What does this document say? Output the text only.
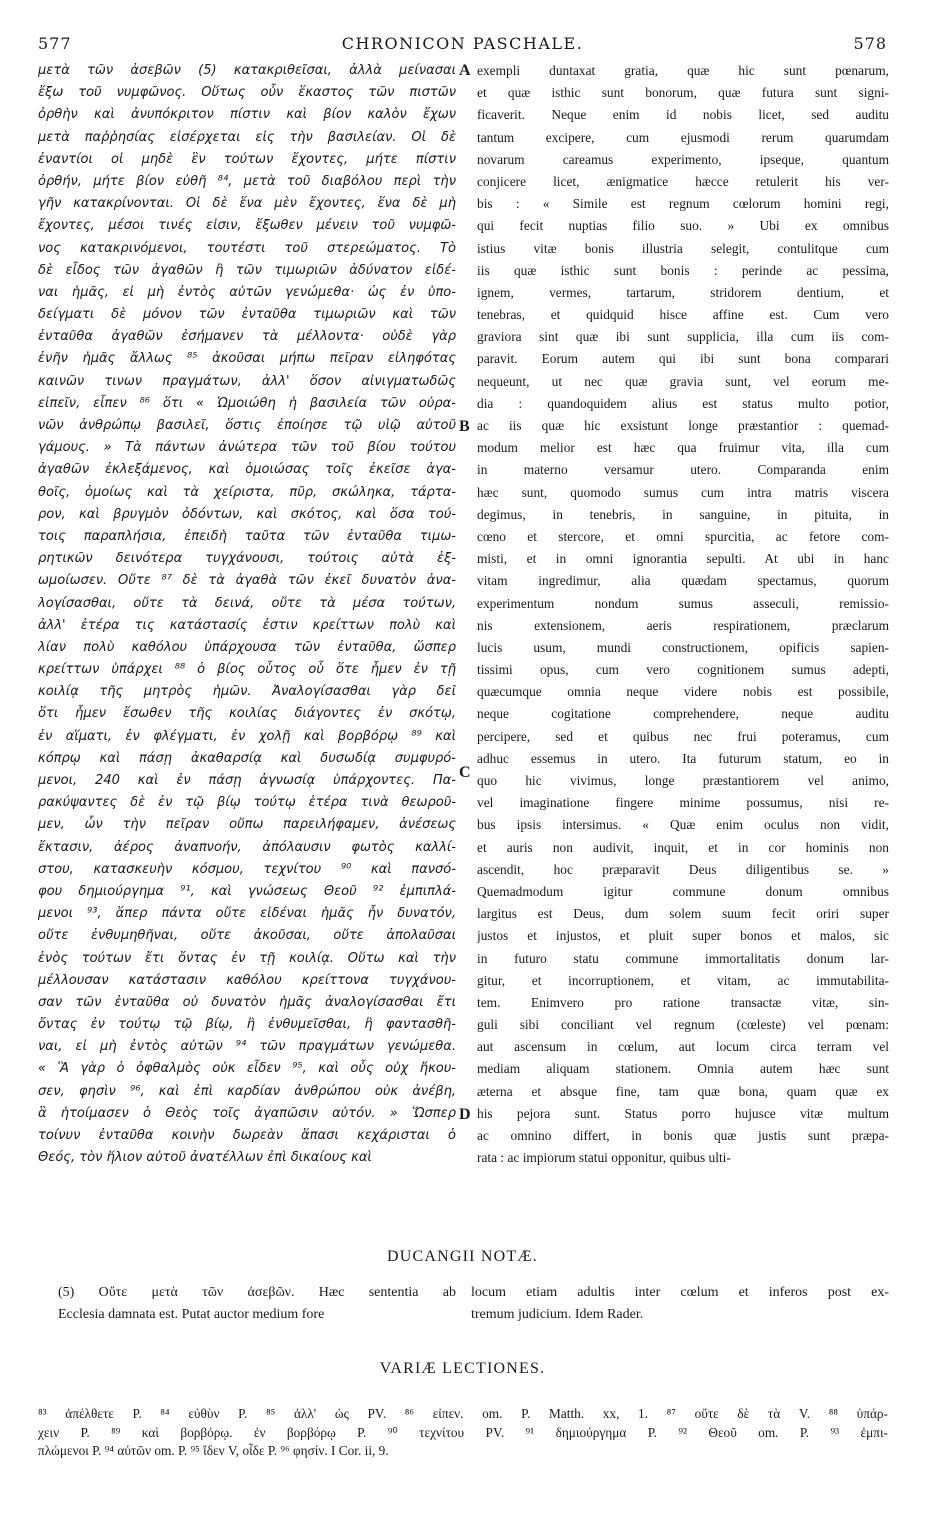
577	CHRONICON PASCHALE.	578
μετὰ τῶν ἀσεβῶν (5) κατακριθεῖσαι, ἀλλὰ μείνασαι
ἔξω τοῦ νυμφῶνος. Οὕτως οὖν ἕκαστος τῶν πιστῶν
ὀρθὴν καὶ ἀνυπόκριτον πίστιν καὶ βίον καλὸν ἔχων
μετὰ παῤῥησίας εἰσέρχεται εἰς τὴν βασιλείαν. Οἱ δὲ
ἐναντίοι οἱ μηδὲ ἓν τούτων ἔχοντες, μήτε πίστιν
ὀρθήν, μήτε βίον εὐθῆ ⁸⁴, μετὰ τοῦ διαβόλου περὶ τὴν
γῆν κατακρίνονται. Οἱ δὲ ἕνα μὲν ἔχοντες, ἕνα δὲ μὴ
ἔχοντες, μέσοι τινές εἰσιν, ἔξωθεν μένειν τοῦ νυμφῶ-
νος κατακρινόμενοι, τουτέστι τοῦ στερεώματος. Τὸ
δὲ εἶδος τῶν ἀγαθῶν ἢ τῶν τιμωριῶν ἀδύνατον εἰδέ-
ναι ἡμᾶς, εἰ μὴ ἐντὸς αὐτῶν γενώμεθα· ὡς ἐν ὑπο-
δείγματι δὲ μόνον τῶν ἐνταῦθα τιμωριῶν καὶ τῶν
ἐνταῦθα ἀγαθῶν ἐσήμανεν τὰ μέλλοντα· οὐδὲ γὰρ
ἐνῆν ἡμᾶς ἄλλως ⁸⁵ ἀκοῦσαι μήπω πεῖραν εἰληφότας
καινῶν τινων πραγμάτων, ἀλλ' ὅσον αἰνιγματωδῶς
εἰπεῖν, εἶπεν ⁸⁶ ὅτι « Ὡμοιώθη ἡ βασιλεία τῶν οὐρα-
νῶν ἀνθρώπῳ βασιλεῖ, ὅστις ἐποίησε τῷ υἱῷ αὐτοῦ
γάμους. » Τὰ πάντων ἀνώτερα τῶν τοῦ βίου τούτου
ἀγαθῶν ἐκλεξάμενος, καὶ ὁμοιώσας τοῖς ἐκεῖσε ἀγα-
θοῖς, ὁμοίως καὶ τὰ χείριστα, πῦρ, σκώληκα, τάρτα-
ρον, καὶ βρυγμὸν ὀδόντων, καὶ σκότος, καὶ ὅσα τού-
τοις παραπλήσια, ἐπειδὴ ταῦτα τῶν ἐνταῦθα τιμω-
ρητικῶν δεινότερα τυγχάνουσι, τούτοις αὐτὰ ἐξ-
ωμοίωσεν. Οὔτε ⁸⁷ δὲ τὰ ἀγαθὰ τῶν ἐκεῖ δυνατὸν ἀνα-
λογίσασθαι, οὔτε τὰ δεινά, οὔτε τὰ μέσα τούτων,
ἀλλ' ἑτέρα τις κατάστασίς ἐστιν κρείττων πολὺ καὶ
λίαν πολὺ καθόλου ὑπάρχουσα τῶν ἐνταῦθα, ὥσπερ
κρείττων ὑπάρχει ⁸⁸ ὁ βίος οὗτος οὗ ὅτε ἦμεν ἐν τῇ
κοιλίᾳ τῆς μητρὸς ἡμῶν. Ἀναλογίσασθαι γὰρ δεῖ
ὅτι ἦμεν ἔσωθεν τῆς κοιλίας διάγοντες ἐν σκότῳ,
ἐν αἵματι, ἐν φλέγματι, ἐν χολῇ καὶ βορβόρῳ ⁸⁹ καὶ
κόπρῳ καὶ πάσῃ ἀκαθαρσίᾳ καὶ δυσωδίᾳ συμφυρό-
μενοι, 240 καὶ ἐν πάσῃ ἀγνωσίᾳ ὑπάρχοντες. Πα-
ρακύψαντες δὲ ἐν τῷ βίῳ τούτῳ ἑτέρα τινὰ θεωροῦ-
μεν, ὧν τὴν πεῖραν οὔπω παρειλήφαμεν, ἀνέσεως
ἔκτασιν, ἀέρος ἀναπνοήν, ἀπόλαυσιν φωτὸς καλλί-
στου, κατασκευὴν κόσμου, τεχνίτου ⁹⁰ καὶ πανσό-
φου δημιούργημα ⁹¹, καὶ γνώσεως Θεοῦ ⁹² ἐμπιπλά-
μενοι ⁹³, ἅπερ πάντα οὔτε εἰδέναι ἡμᾶς ἦν δυνατόν,
οὔτε ἐνθυμηθῆναι, οὔτε ἀκοῦσαι, οὔτε ἀπολαῦσαι
ἑνὸς τούτων ἔτι ὄντας ἐν τῇ κοιλίᾳ. Οὕτω καὶ τὴν
μέλλουσαν κατάστασιν καθόλου κρείττονα τυγχάνου-
σαν τῶν ἐνταῦθα οὐ δυνατὸν ἡμᾶς ἀναλογίσασθαι ἔτι
ὄντας ἐν τούτῳ τῷ βίῳ, ἢ ἐνθυμεῖσθαι, ἢ φαντασθῆ-
ναι, εἰ μὴ ἐντὸς αὐτῶν ⁹⁴ τῶν πραγμάτων γενώμεθα.
« Ἃ γὰρ ὁ ὀφθαλμὸς οὐκ εἶδεν ⁹⁵, καὶ οὖς οὐχ ἤκου-
σεν, φησὶν ⁹⁶, καὶ ἐπὶ καρδίαν ἀνθρώπου οὐκ ἀνέβη,
ἃ ἡτοίμασεν ὁ Θεὸς τοῖς ἀγαπῶσιν αὐτόν. » Ὥσπερ
τοίνυν ἐνταῦθα κοινὴν δωρεὰν ἅπασι κεχάρισται ὁ
Θεός, τὸν ἥλιον αὐτοῦ ἀνατέλλων ἐπὶ δικαίους καὶ
exempli duntaxat gratia, quæ hic sunt pœnarum,
et quæ isthic sunt bonorum, quæ futura sunt signi-
ficaverit. Neque enim id nobis licet, sed auditu
tantum excipere, cum ejusmodi rerum quarumdam
novarum careamus experimento, ipseque, quantum
conjicere licet, ænigmatice hæcce retulerit his ver-
bis : « Simile est regnum cœlorum homini regi,
qui fecit nuptias filio suo. » Ubi ex omnibus
istius vitæ bonis illustria selegit, contulitque cum
iis quæ isthic sunt bonis : perinde ac pessima,
ignem, vermes, tartarum, stridorem dentium, et
tenebras, et quidquid hisce affine est. Cum vero
graviora sint quæ ibi sunt supplicia, illa cum iis com-
paravit. Eorum autem qui ibi sunt bona comparari
nequeunt, ut nec quæ gravia sunt, vel eorum me-
dia : quandoquidem alius est status multo potior,
ac iis quæ hic exsistunt longe præstantior : quemad-
modum melior est hæc qua fruimur vita, illa cum
in materno versamur utero. Comparanda enim
hæc sunt, quomodo sumus cum intra matris viscera
degimus, in tenebris, in sanguine, in pituita, in
cœno et stercore, et omni spurcitia, ac fetore com-
misti, et in omni ignorantia sepulti. At ubi in hanc
vitam ingredimur, alia quædam spectamus, quorum
experimentum nondum sumus asseculi, remissio-
nis extensionem, aeris respirationem, præclarum
lucis usum, mundi constructionem, opificis sapien-
tissimi opus, cum vero cognitionem sumus adepti,
quæcumque omnia neque videre nobis est possibile,
neque cogitatione comprehendere, neque auditu
percipere, sed et quibus nec frui poteramus, cum
adhuc essemus in utero. Ita futurum statum, eo in
quo hic vivimus, longe præstantiorem vel animo,
vel imaginatione fingere minime possumus, nisi re-
bus ipsis intersimus. « Quæ enim oculus non vidit,
et auris non audivit, inquit, et in cor hominis non
ascendit, hoc præparavit Deus diligentibus se. »
Quemadmodum igitur commune donum omnibus
largitus est Deus, dum solem suum fecit oriri super
justos et injustos, et pluit super bonos et malos, sic
in futuro statu commune immortalitatis donum lar-
gitur, et incorruptionem, et vitam, ac immutabilita-
tem. Enimvero pro ratione transactæ vitæ, sin-
guli sibi conciliant vel regnum (cœleste) vel pœnam:
aut ascensum in cœlum, aut locum circa terram vel
mediam aliquam stationem. Omnia autem hæc sunt
æterna et absque fine, tam quæ bona, quam quæ ex
his pejora sunt. Status porro hujusce vitæ multum
ac omnino differt, in bonis quæ justis sunt præpa-
rata : ac impiorum statui opponitur, quibus ulti-
A
B
C
D
DUCANGII NOTÆ.
(5) Οὔτε μετὰ τῶν ἀσεβῶν. Hæc sententia ab
Ecclesia damnata est. Putat auctor medium fore
locum etiam adultis inter cœlum et inferos post ex-
tremum judicium. Idem Rader.
VARIÆ LECTIONES.
⁸³ ἀπέλθετε P. ⁸⁴ εὐθὺν P. ⁸⁵ ἀλλ' ὡς PV. ⁸⁶ εἰπεν. om. P. Matth. xx, 1. ⁸⁷ οὔτε δὲ τὰ V. ⁸⁸ ὑπάρ-
χειν P. ⁸⁹ καὶ βορβόρῳ. ἐν βορβόρῳ P. ⁹⁰ τεχνίτου PV. ⁹¹ δημιούργημα P. ⁹² Θεοῦ om. P. ⁹³ ἐμπι-
πλώμενοι P. ⁹⁴ αὐτῶν om. P. ⁹⁵ ἴδεν V, οἶδε P. ⁹⁶ φησίν. I Cor. ii, 9.
